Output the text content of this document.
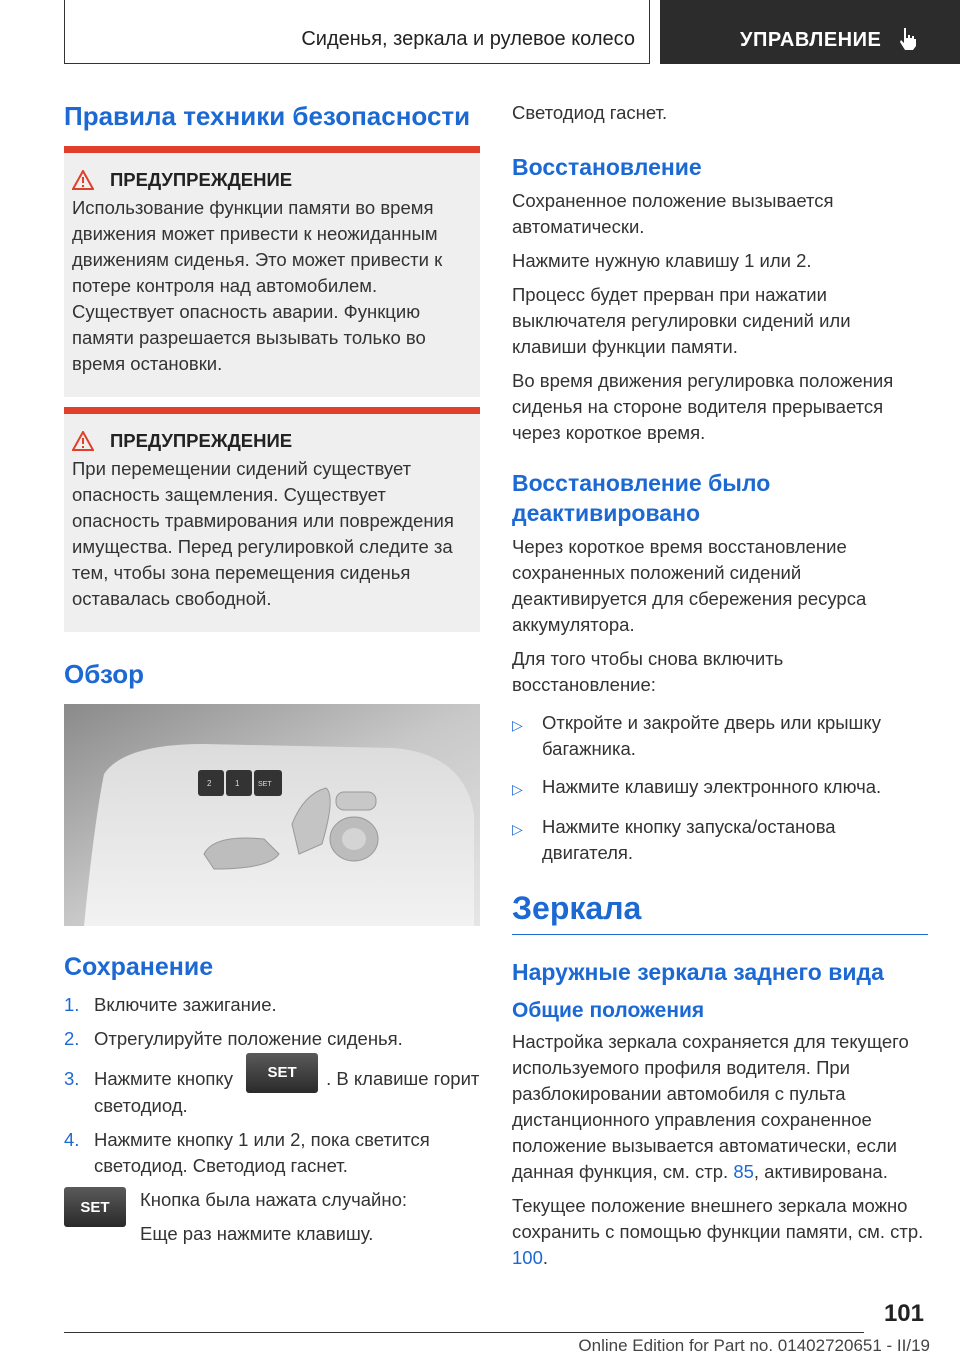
Сиденья, зеркала и рулевое колесо	УПРАВЛЕНИЕ
Правила техники безопасности
ПРЕДУПРЕЖДЕНИЕ

Использование функции памяти во время движения может привести к неожиданным движениям сиденья. Это может привести к потере контроля над автомобилем. Существует опасность аварии. Функцию памяти разрешается вызывать только во время остановки.

ПРЕДУПРЕЖДЕНИЕ

При перемещении сидений существует опасность защемления. Существует опасность травмирования или повреждения имущества. Перед регулировкой следите за тем, чтобы зона перемещения сиденья оставалась свободной.

Обзор
2	1	SET
Сохранение
1. Включите зажигание.
2. Отрегулируйте положение сиденья.
3. Нажмите кнопку SET . В клавише горит светодиод.
4. Нажмите кнопку 1 или 2, пока светится светодиод. Светодиод гаснет.
SET	Кнопка была нажата случайно:

Еще раз нажмите клавишу.

Светодиод гаснет.

Восстановление

Сохраненное положение вызывается автоматически.

Нажмите нужную клавишу 1 или 2.

Процесс будет прерван при нажатии выключателя регулировки сидений или клавиши функции памяти.

Во время движения регулировка положения сиденья на стороне водителя прерывается через короткое время.

Восстановление было деактивировано

Через короткое время восстановление сохраненных положений сидений деактивируется для сбережения ресурса аккумулятора.

Для того чтобы снова включить восстановление:

▷	Откройте и закройте дверь или крышку багажника.
▷	Нажмите клавишу электронного ключа.
▷	Нажмите кнопку запуска/останова двигателя.
Зеркала
Наружные зеркала заднего вида
Общие положения

Настройка зеркала сохраняется для текущего используемого профиля водителя. При разблокировании автомобиля с пульта дистанционного управления сохраненное положение вызывается автоматически, если данная функция, см. стр. 85, активирована.

Текущее положение внешнего зеркала можно сохранить с помощью функции памяти, см. стр. 100.

101
Online Edition for Part no. 01402720651 - II/19
